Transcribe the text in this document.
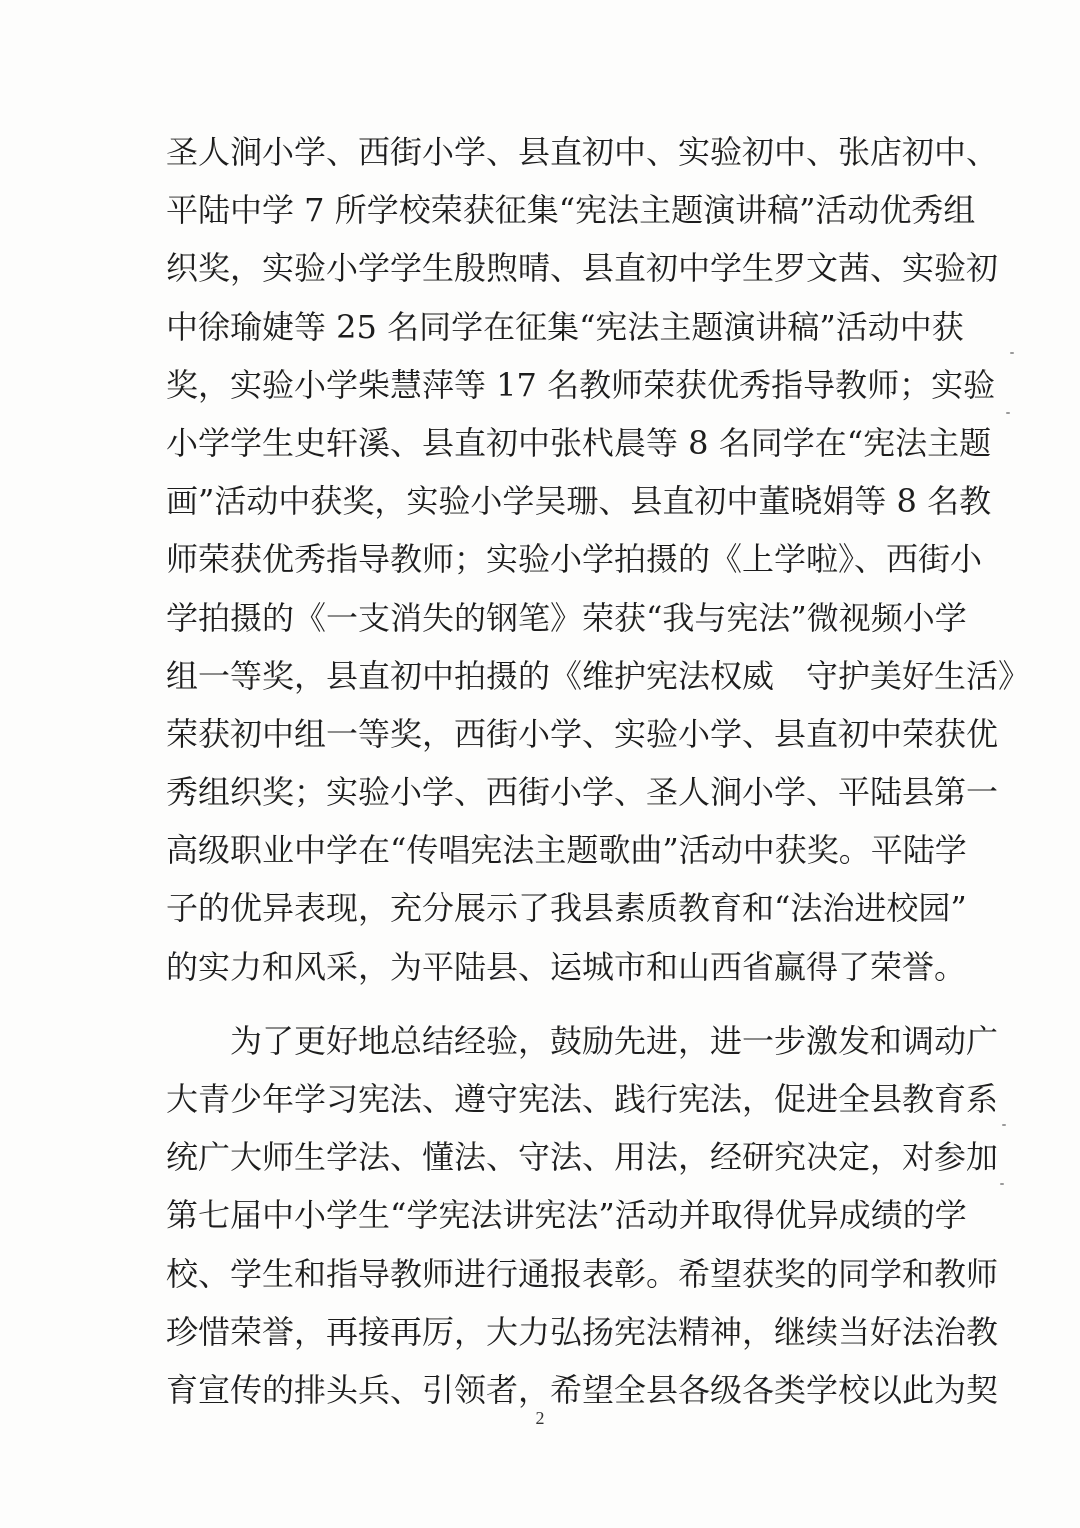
圣人涧小学、西街小学、县直初中、实验初中、张店初中、
平陆中学 7 所学校荣获征集“宪法主题演讲稿”活动优秀组
织奖，实验小学学生殷煦晴、县直初中学生罗文茜、实验初
中徐瑜婕等 25 名同学在征集“宪法主题演讲稿”活动中获
奖，实验小学柴慧萍等 17 名教师荣获优秀指导教师；实验
小学学生史轩溪、县直初中张杙晨等 8 名同学在“宪法主题
画”活动中获奖，实验小学吴珊、县直初中董晓娟等 8 名教
师荣获优秀指导教师；实验小学拍摄的《上学啦》、西街小
学拍摄的《一支消失的钢笔》荣获“我与宪法”微视频小学
组一等奖，县直初中拍摄的《维护宪法权威　守护美好生活》
荣获初中组一等奖，西街小学、实验小学、县直初中荣获优
秀组织奖；实验小学、西街小学、圣人涧小学、平陆县第一
高级职业中学在“传唱宪法主题歌曲”活动中获奖。平陆学
子的优异表现，充分展示了我县素质教育和“法治进校园”
的实力和风采，为平陆县、运城市和山西省赢得了荣誉。
　　为了更好地总结经验，鼓励先进，进一步激发和调动广
大青少年学习宪法、遵守宪法、践行宪法，促进全县教育系
统广大师生学法、懂法、守法、用法，经研究决定，对参加
第七届中小学生“学宪法讲宪法”活动并取得优异成绩的学
校、学生和指导教师进行通报表彰。希望获奖的同学和教师
珍惜荣誉，再接再厉，大力弘扬宪法精神，继续当好法治教
育宣传的排头兵、引领者，希望全县各级各类学校以此为契
2
